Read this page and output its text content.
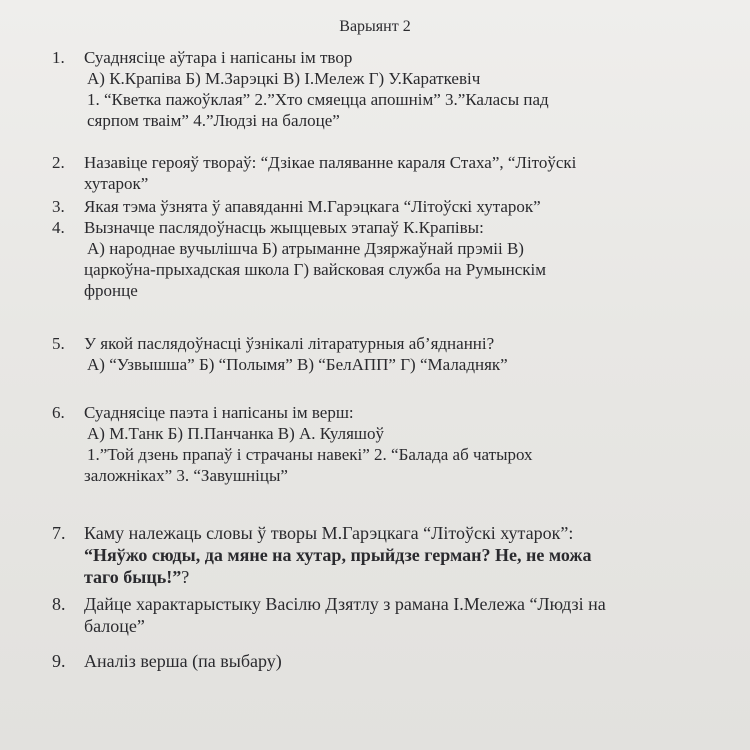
Варыянт 2
1.	Суаднясіце аўтара і напісаны ім твор
А) К.Крапіва Б) М.Зарэцкі В) І.Мележ Г) У.Караткевіч
1. “Кветка пажоўклая” 2.”Хто смяецца апошнім” 3.”Каласы пад
сярпом тваім” 4.”Людзі на балоце”
2.	Назавіце герояў твораў: “Дзікае паляванне караля Стаха”, “Літоўскі
хутарок”
3.	Якая тэма ўзнята ў апавяданні М.Гарэцкага “Літоўскі хутарок”
4.	Вызначце паслядоўнасць жыццевых этапаў К.Крапівы:
А) народнае вучылішча Б) атрыманне Дзяржаўнай прэміі В)
царкоўна-прыхадская школа Г) вайсковая служба на Румынскім
фронце
5.	У якой паслядоўнасці ўзнікалі літаратурныя аб’яднанні?
А) “Узвышша” Б) “Полымя” В) “БелАПП” Г) “Маладняк”
6.	Суаднясіце паэта і напісаны ім верш:
А) М.Танк Б) П.Панчанка В) А. Куляшоў
1.”Той дзень прапаў і страчаны навекі” 2. “Балада аб чатырох
заложніках” 3. “Завушніцы”
7.	Каму належаць словы ў творы М.Гарэцкага “Літоўскі хутарок”:
“Няўжо сюды, да мяне на хутар, прыйдзе герман? Не, не можа
таго быць!”?
8.	Дайце характарыстыку Васілю Дзятлу з рамана І.Мележа “Людзі на
балоце”
9.	Аналіз верша (па выбару)
